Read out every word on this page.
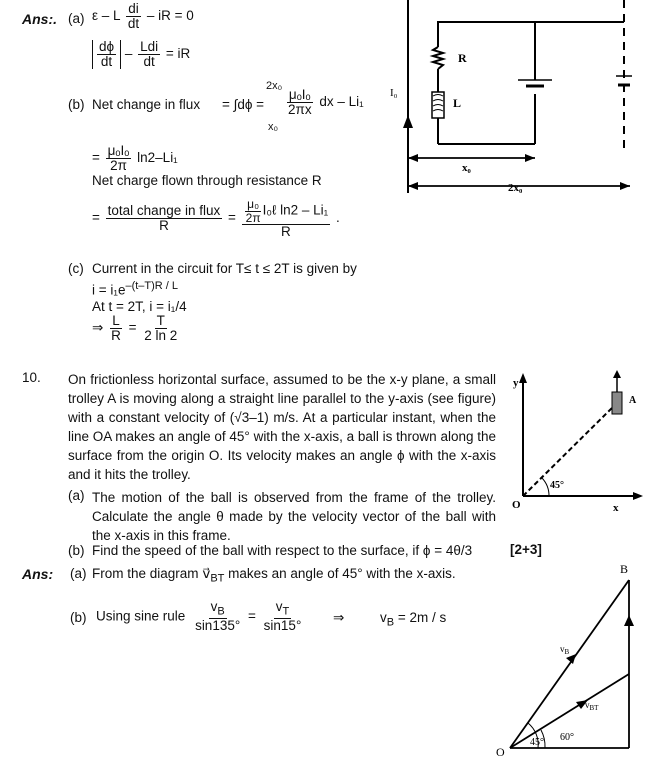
Ans:. (a) ε – L $\frac{di}{dt}$ – iR = 0
$\frac{d\phi}{dt} - \frac{\text{Ldi}}{dt}$ = iR
(b) Net change in flux = ∫dϕ =
2x₀
x₀
$\frac{\text{μₒIₒ}}{2\pi x}$ dx – Li₁
= $\frac{\text{μₒIₒ}}{2\pi} \ln 2-Li_1$
Net charge flown through resistance R
= $\frac{\text{total change in flux}}{R} = \frac{\frac{\text{μ₀}}{2\pi} I_0\ell \ln 2 - Li_1}{R}$ .
(c) Current in the circuit for T≤ t ≤ 2T is given by
$i = i_1e^{-(t-T)R / L}$
At t = 2T, i = i₁/4
⇒ $\frac{L}{R} = \frac{T}{2 \ln 2}$
R
L
I₀
x₀
2x₀
10. On frictionless horizontal surface, assumed to be the x-y plane, a small trolley A is moving along a straight line parallel to the y-axis (see figure) with a constant velocity of (√3–1) m/s. At a particular instant, when the line OA makes an angle of 45° with the x-axis, a ball is thrown along the surface from the origin O. Its velocity makes an angle ϕ with the x-axis and it hits the trolley.
(a) The motion of the ball is observed from the frame of the trolley. Calculate the angle θ made by the velocity vector of the ball with the x-axis in this frame.
(b) Find the speed of the ball with respect to the surface, if ϕ = 4θ/3	[2+3]
y
x
O
A
45°
Ans: (a) From the diagram $v⃗_{BT}$ makes an angle of 45° with the x-axis.
(b) Using sine rule $\frac{v_B}{\sin 135^\circ} = \frac{v_T}{\sin 15^\circ}$ ⇒	$v_B = 2m / s$
B
O
$v_B$
$v_{BT}$
45° 60°
